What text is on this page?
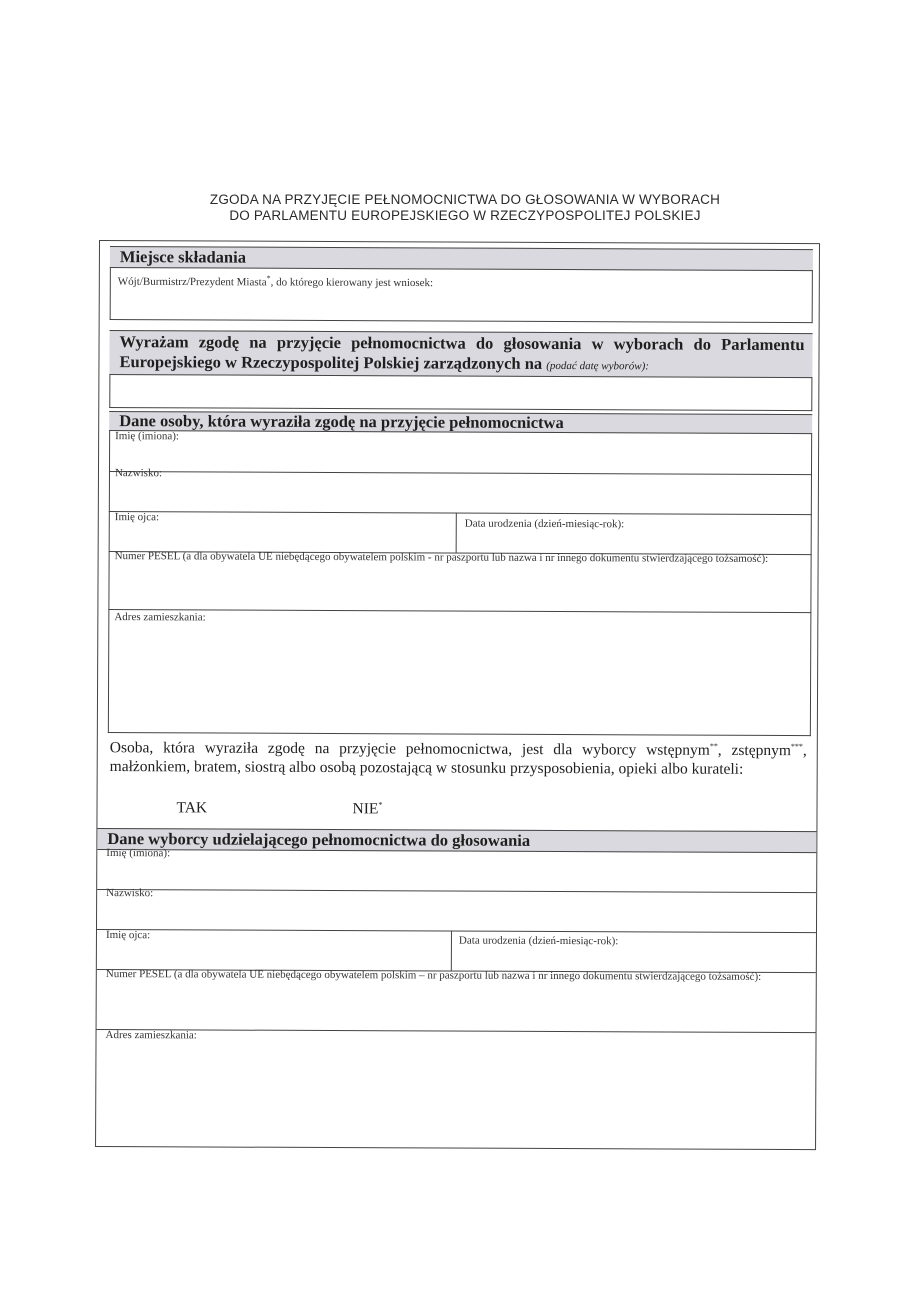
ZGODA NA PRZYJĘCIE PEŁNOMOCNICTWA DO GŁOSOWANIA W WYBORACH
DO PARLAMENTU EUROPEJSKIEGO W RZECZYPOSPOLITEJ POLSKIEJ
Miejsce składania
Wójt/Burmistrz/Prezydent Miasta*, do którego kierowany jest wniosek:
Wyrażam zgodę na przyjęcie pełnomocnictwa do głosowania w wyborach do Parlamentu Europejskiego w Rzeczypospolitej Polskiej zarządzonych na (podać datę wyborów):
Dane osoby, która wyraziła zgodę na przyjęcie pełnomocnictwa
Imię (imiona):
Nazwisko:
Imię ojca:
Data urodzenia (dzień-miesiąc-rok):
Numer PESEL (a dla obywatela UE niebędącego obywatelem polskim - nr paszportu lub nazwa i nr innego dokumentu stwierdzającego tożsamość):
Adres zamieszkania:
Osoba, która wyraziła zgodę na przyjęcie pełnomocnictwa, jest dla wyborcy wstępnym**, zstępnym***, małżonkiem, bratem, siostrą albo osobą pozostającą w stosunku przysposobienia, opieki albo kurateli:
TAK	NIE*
Dane wyborcy udzielającego pełnomocnictwa do głosowania
Imię (imiona):
Nazwisko:
Imię ojca:	Data urodzenia (dzień-miesiąc-rok):
Numer PESEL (a dla obywatela UE niebędącego obywatelem polskim – nr paszportu lub nazwa i nr innego dokumentu stwierdzającego tożsamość):
Adres zamieszkania:
